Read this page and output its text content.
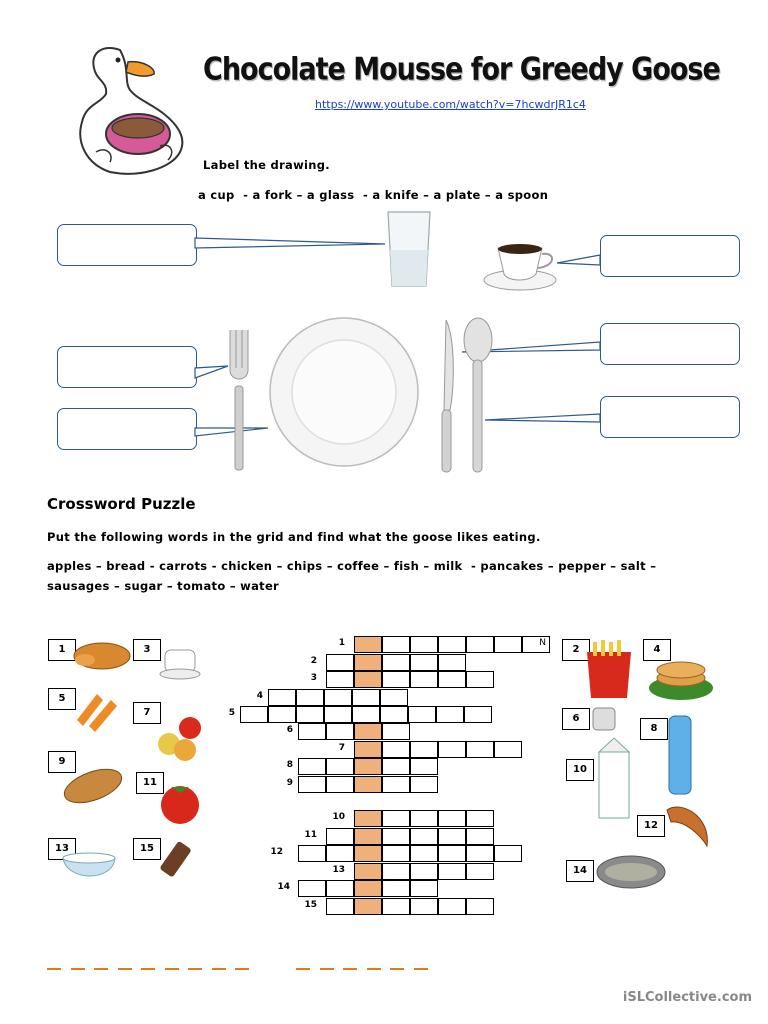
Chocolate Mousse for Greedy Goose
https://www.youtube.com/watch?v=7hcwdrJR1c4
Label the drawing.
a cup  - a fork – a glass  - a knife – a plate – a spoon
Crossword Puzzle
Put the following words in the grid and find what the goose likes eating.
apples – bread - carrots - chicken – chips – coffee – fish – milk  - pancakes – pepper – salt –
sausages – sugar – tomato – water
1	3
5
7
9
11
13	15
2	4
6
8
10
12
14
N
1
2
3
4
5
6
7
8
9
10
11
12
13
14
15
iSLCollective.com
